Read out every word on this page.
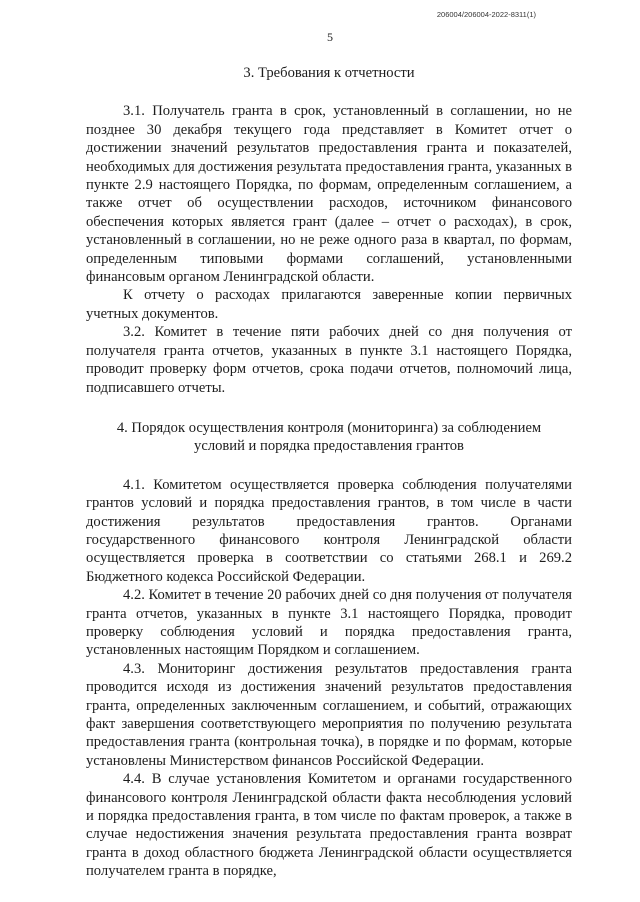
206004/206004-2022-8311(1)
5
3. Требования к отчетности

3.1. Получатель гранта в срок, установленный в соглашении, но не позднее 30 декабря текущего года представляет в Комитет отчет о достижении значений результатов предоставления гранта и показателей, необходимых для достижения результата предоставления гранта, указанных в пункте 2.9 настоящего Порядка, по формам, определенным соглашением, а также отчет об осуществлении расходов, источником финансового обеспечения которых является грант (далее – отчет о расходах), в срок, установленный в соглашении, но не реже одного раза в квартал, по формам, определенным типовыми формами соглашений, установленными финансовым органом Ленинградской области.

К отчету о расходах прилагаются заверенные копии первичных учетных документов.

3.2. Комитет в течение пяти рабочих дней со дня получения от получателя гранта отчетов, указанных в пункте 3.1 настоящего Порядка, проводит проверку форм отчетов, срока подачи отчетов, полномочий лица, подписавшего отчеты.

4. Порядок осуществления контроля (мониторинга) за соблюдением
условий и порядка предоставления грантов

4.1. Комитетом осуществляется проверка соблюдения получателями грантов условий и порядка предоставления грантов, в том числе в части достижения результатов предоставления грантов. Органами государственного финансового контроля Ленинградской области осуществляется проверка в соответствии со статьями 268.1 и 269.2 Бюджетного кодекса Российской Федерации.

4.2. Комитет в течение 20 рабочих дней со дня получения от получателя гранта отчетов, указанных в пункте 3.1 настоящего Порядка, проводит проверку соблюдения условий и порядка предоставления гранта, установленных настоящим Порядком и соглашением.

4.3. Мониторинг достижения результатов предоставления гранта проводится исходя из достижения значений результатов предоставления гранта, определенных заключенным соглашением, и событий, отражающих факт завершения соответствующего мероприятия по получению результата предоставления гранта (контрольная точка), в порядке и по формам, которые установлены Министерством финансов Российской Федерации.

4.4. В случае установления Комитетом и органами государственного финансового контроля Ленинградской области факта несоблюдения условий и порядка предоставления гранта, в том числе по фактам проверок, а также в случае недостижения значения результата предоставления гранта возврат гранта в доход областного бюджета Ленинградской области осуществляется получателем гранта в порядке,
